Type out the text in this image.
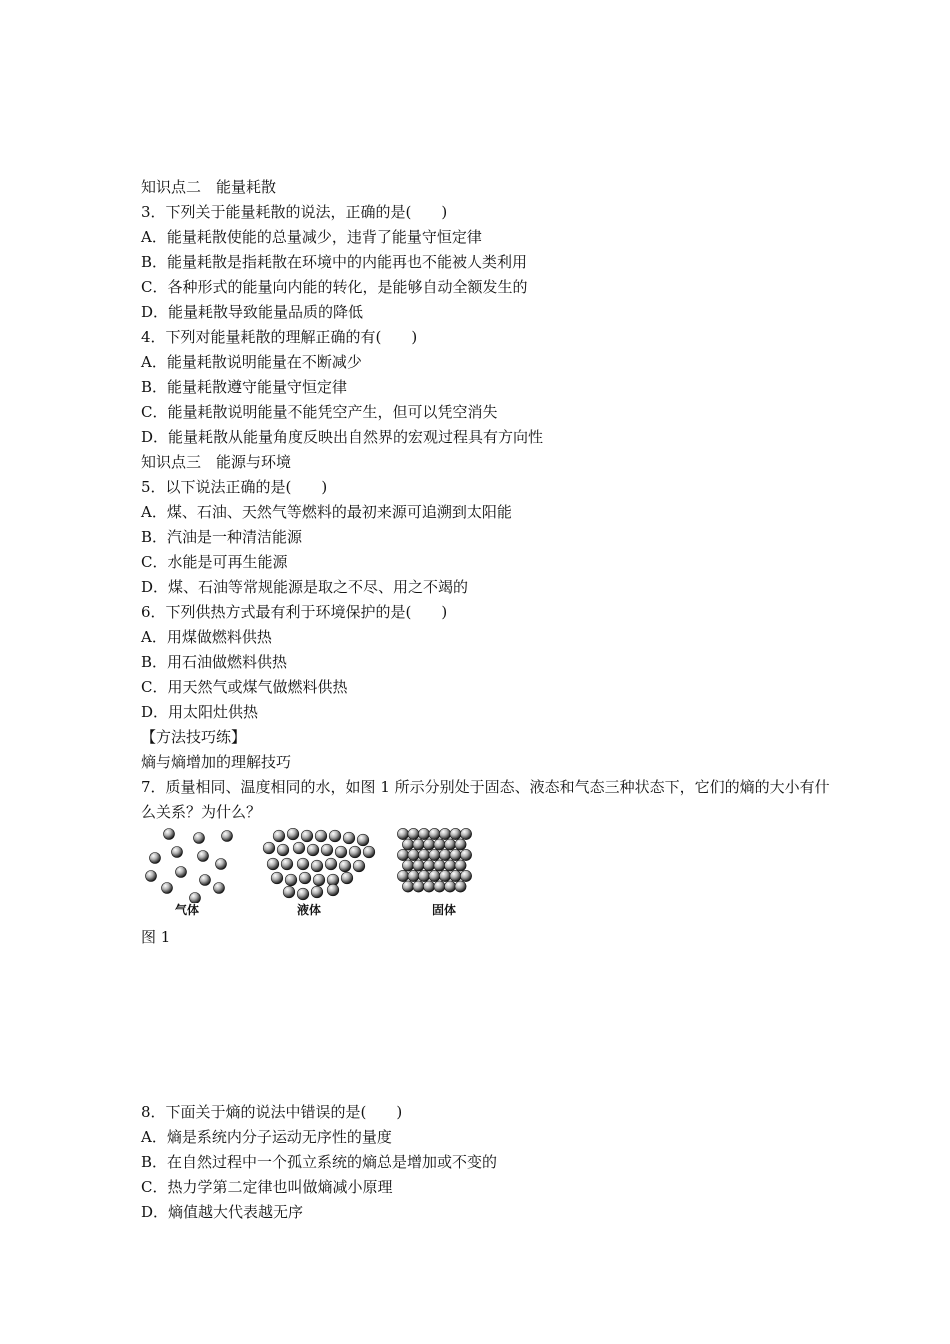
知识点二　能量耗散
3．下列关于能量耗散的说法，正确的是(　　)
A．能量耗散使能的总量减少，违背了能量守恒定律
B．能量耗散是指耗散在环境中的内能再也不能被人类利用
C．各种形式的能量向内能的转化，是能够自动全额发生的
D．能量耗散导致能量品质的降低
4．下列对能量耗散的理解正确的有(　　)
A．能量耗散说明能量在不断减少
B．能量耗散遵守能量守恒定律
C．能量耗散说明能量不能凭空产生，但可以凭空消失
D．能量耗散从能量角度反映出自然界的宏观过程具有方向性
知识点三　能源与环境
5．以下说法正确的是(　　)
A．煤、石油、天然气等燃料的最初来源可追溯到太阳能
B．汽油是一种清洁能源
C．水能是可再生能源
D．煤、石油等常规能源是取之不尽、用之不竭的
6．下列供热方式最有利于环境保护的是(　　)
A．用煤做燃料供热
B．用石油做燃料供热
C．用天然气或煤气做燃料供热
D．用太阳灶供热
【方法技巧练】
熵与熵增加的理解技巧
7．质量相同、温度相同的水，如图 1 所示分别处于固态、液态和气态三种状态下，它们的熵的大小有什么关系？为什么？
气体	液体	固体
图 1
8．下面关于熵的说法中错误的是(　　)
A．熵是系统内分子运动无序性的量度
B．在自然过程中一个孤立系统的熵总是增加或不变的
C．热力学第二定律也叫做熵减小原理
D．熵值越大代表越无序
